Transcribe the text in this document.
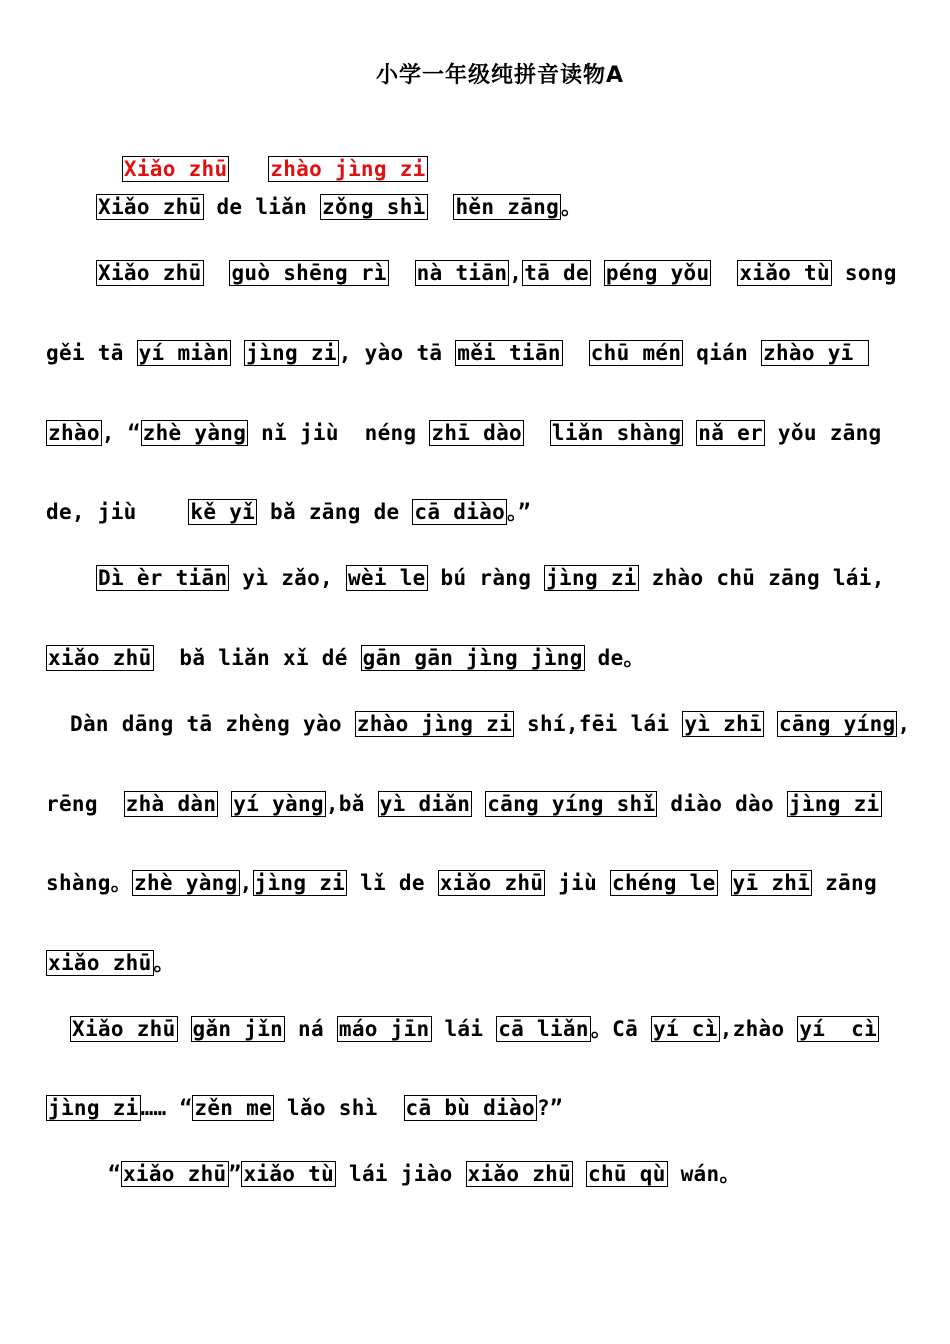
小学一年级纯拼音读物A

Xiǎo zhū zhào jìng zi

Xiǎo zhū de liǎn zǒng shì hěn zāng。
Xiǎo zhū guò shēng rì nà tiān,tā de péng yǒu xiǎo tù song
gěi tā yí miàn jìng zi, yào tā měi tiān chū mén qián zhào yī
zhào, “zhè yàng nǐ jiù  néng zhī dào liǎn shàng nǎ er yǒu zāng
de, jiù    kě yǐ bǎ zāng de cā diào。”
Dì èr tiān yì zǎo, wèi le bú ràng jìng zi zhào chū zāng lái,
xiǎo zhū  bǎ liǎn xǐ dé gān gān jìng jìng de。
Dàn dāng tā zhèng yào zhào jìng zi shí,fēi lái yì zhī cāng yíng,
rēng  zhà dàn yí yàng,bǎ yì diǎn cāng yíng shǐ diào dào jìng zi
shàng。zhè yàng,jìng zi lǐ de xiǎo zhū jiù chéng le yī zhī zāng
xiǎo zhū。
Xiǎo zhū gǎn jǐn ná máo jīn lái cā liǎn。Cā yí cì,zhào yí  cì
jìng zi…… “zěn me lǎo shì  cā bù diào?”
“xiǎo zhū”xiǎo tù lái jiào xiǎo zhū chū qù wán。
